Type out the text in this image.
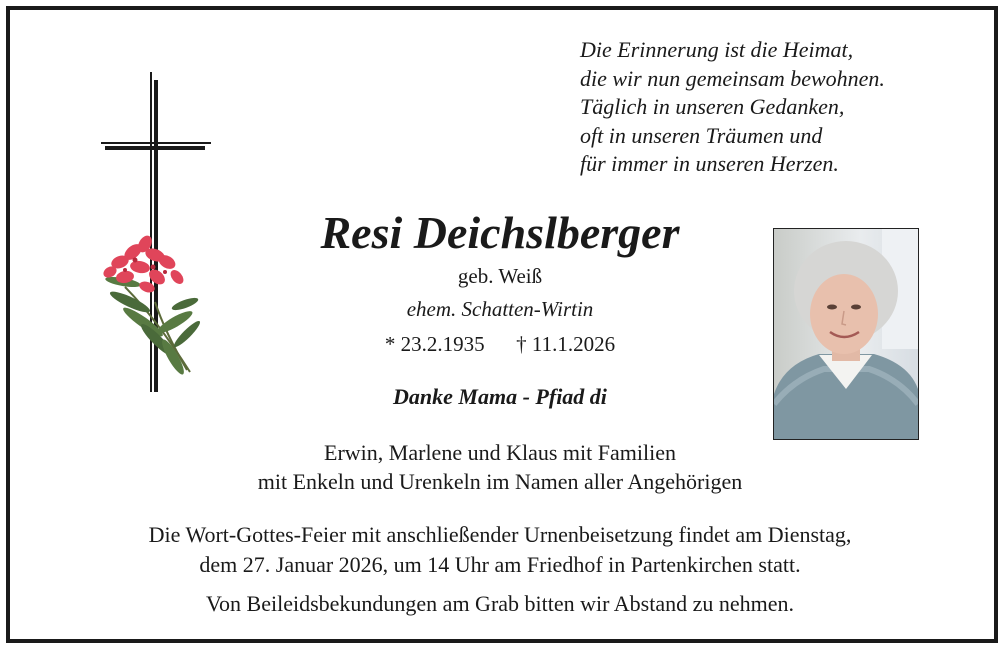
Die Erinnerung ist die Heimat,
die wir nun gemeinsam bewohnen.
Täglich in unseren Gedanken,
oft in unseren Träumen und
für immer in unseren Herzen.
Resi Deichslberger
geb. Weiß
ehem. Schatten-Wirtin
* 23.2.1935 † 11.1.2026
Danke Mama - Pfiad di
Erwin, Marlene und Klaus mit Familien
mit Enkeln und Urenkeln im Namen aller Angehörigen
Die Wort-Gottes-Feier mit anschließender Urnenbeisetzung findet am Dienstag,
dem 27. Januar 2026, um 14 Uhr am Friedhof in Partenkirchen statt.
Von Beileidsbekundungen am Grab bitten wir Abstand zu nehmen.
